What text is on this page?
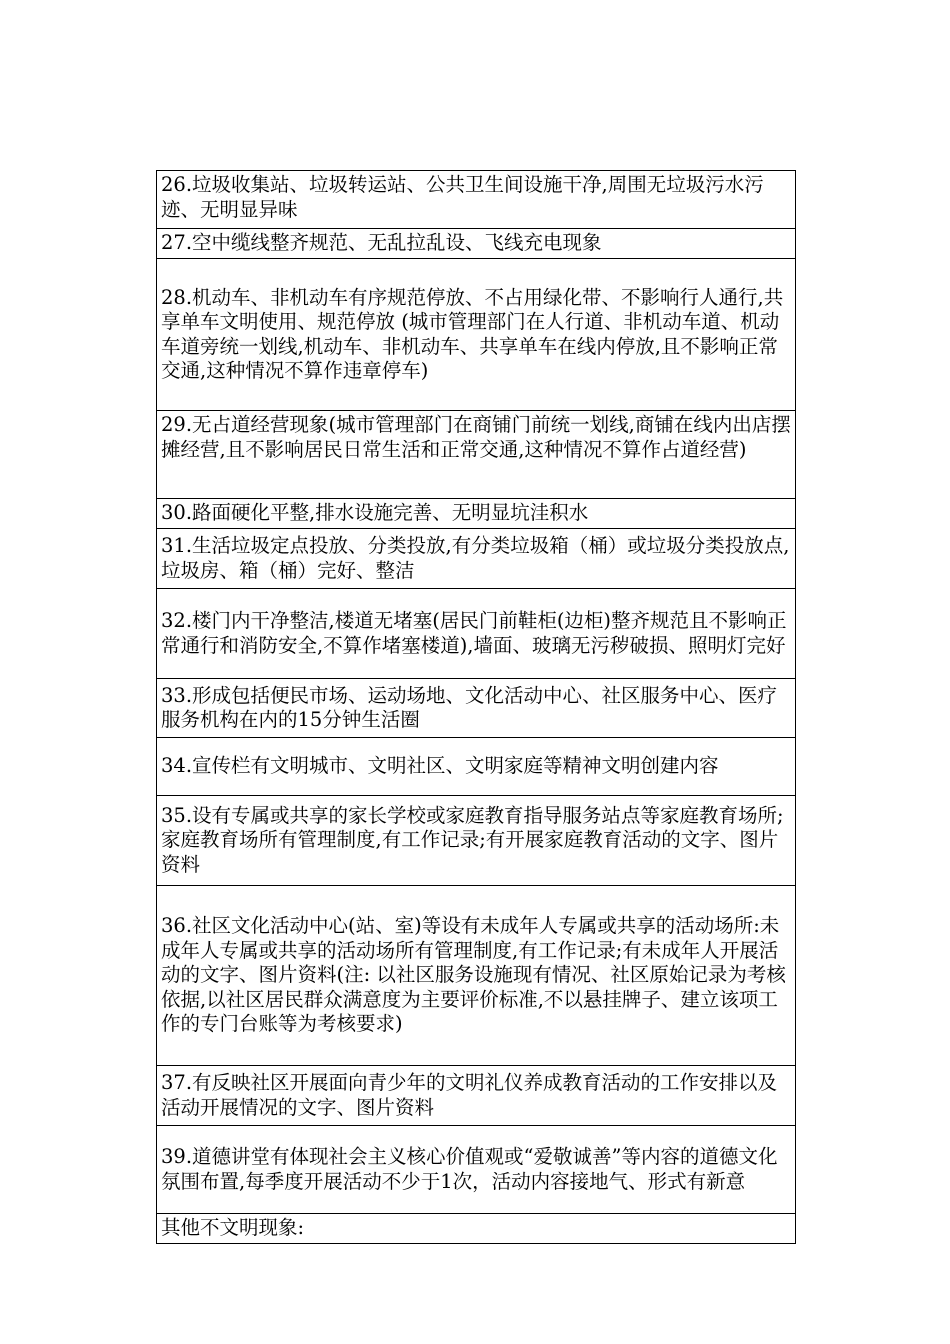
26.垃圾收集站、垃圾转运站、公共卫生间设施干净,周围无垃圾污水污迹、无明显异味
27.空中缆线整齐规范、无乱拉乱设、飞线充电现象
28.机动车、非机动车有序规范停放、不占用绿化带、不影响行人通行,共享单车文明使用、规范停放 (城市管理部门在人行道、非机动车道、机动车道旁统一划线,机动车、非机动车、共享单车在线内停放,且不影响正常交通,这种情况不算作违章停车)
29.无占道经营现象(城市管理部门在商铺门前统一划线,商铺在线内出店摆摊经营,且不影响居民日常生活和正常交通,这种情况不算作占道经营)
30.路面硬化平整,排水设施完善、无明显坑洼积水
31.生活垃圾定点投放、分类投放,有分类垃圾箱（桶）或垃圾分类投放点,垃圾房、箱（桶）完好、整洁
32.楼门内干净整洁,楼道无堵塞(居民门前鞋柜(边柜)整齐规范且不影响正常通行和消防安全,不算作堵塞楼道),墙面、玻璃无污秽破损、照明灯完好
33.形成包括便民市场、运动场地、文化活动中心、社区服务中心、医疗服务机构在内的15分钟生活圈
34.宣传栏有文明城市、文明社区、文明家庭等精神文明创建内容
35.设有专属或共享的家长学校或家庭教育指导服务站点等家庭教育场所;家庭教育场所有管理制度,有工作记录;有开展家庭教育活动的文字、图片资料
36.社区文化活动中心(站、室)等设有未成年人专属或共享的活动场所:未成年人专属或共享的活动场所有管理制度,有工作记录;有未成年人开展活动的文字、图片资料(注: 以社区服务设施现有情况、社区原始记录为考核依据,以社区居民群众满意度为主要评价标准,不以悬挂牌子、建立该项工作的专门台账等为考核要求)
37.有反映社区开展面向青少年的文明礼仪养成教育活动的工作安排以及活动开展情况的文字、图片资料
39.道德讲堂有体现社会主义核心价值观或“爱敬诚善”等内容的道德文化氛围布置,每季度开展活动不少于1次，活动内容接地气、形式有新意
其他不文明现象:
